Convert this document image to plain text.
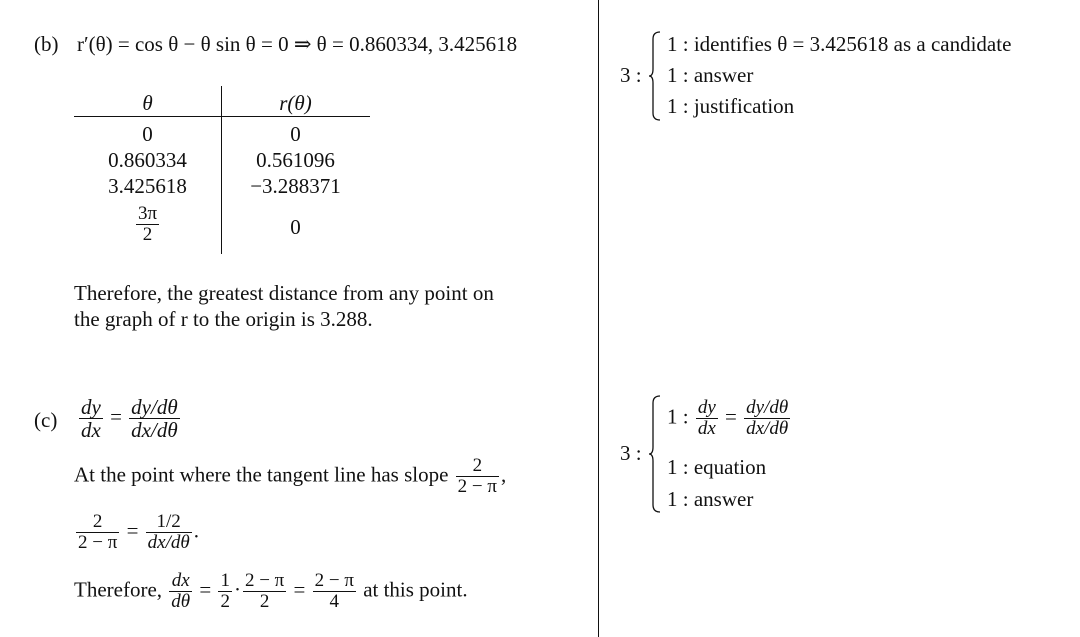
(b) r′(θ) = cos θ − θ sin θ = 0 ⇒ θ = 0.860334, 3.425618
θ	r(θ)
0	0
0.860334	0.561096
3.425618	−3.288371
$\frac{3\pi}{2}$	0
Therefore, the greatest distance from any point on
the graph of r to the origin is 3.288.
3 :
1 : identifies θ = 3.425618 as a candidate
1 : answer
1 : justification
$(c) \frac{dy}{dx} = \frac{dy/d\theta}{dx/d\theta}$
At the point where the tangent line has slope $\frac{2}{2 - \pi}$ ,
$\frac{2}{2 - \pi} = \frac{1/2}{dx/d\theta}$ .
Therefore, $\frac{dx}{d\theta} = \frac{1}{2} \cdot \frac{2 - \pi}{2} = \frac{2 - \pi}{4}$ at this point.
3 :
1 : $\frac{dy}{dx} = \frac{dy/d\theta}{dx/d\theta}$
1 : equation
1 : answer
